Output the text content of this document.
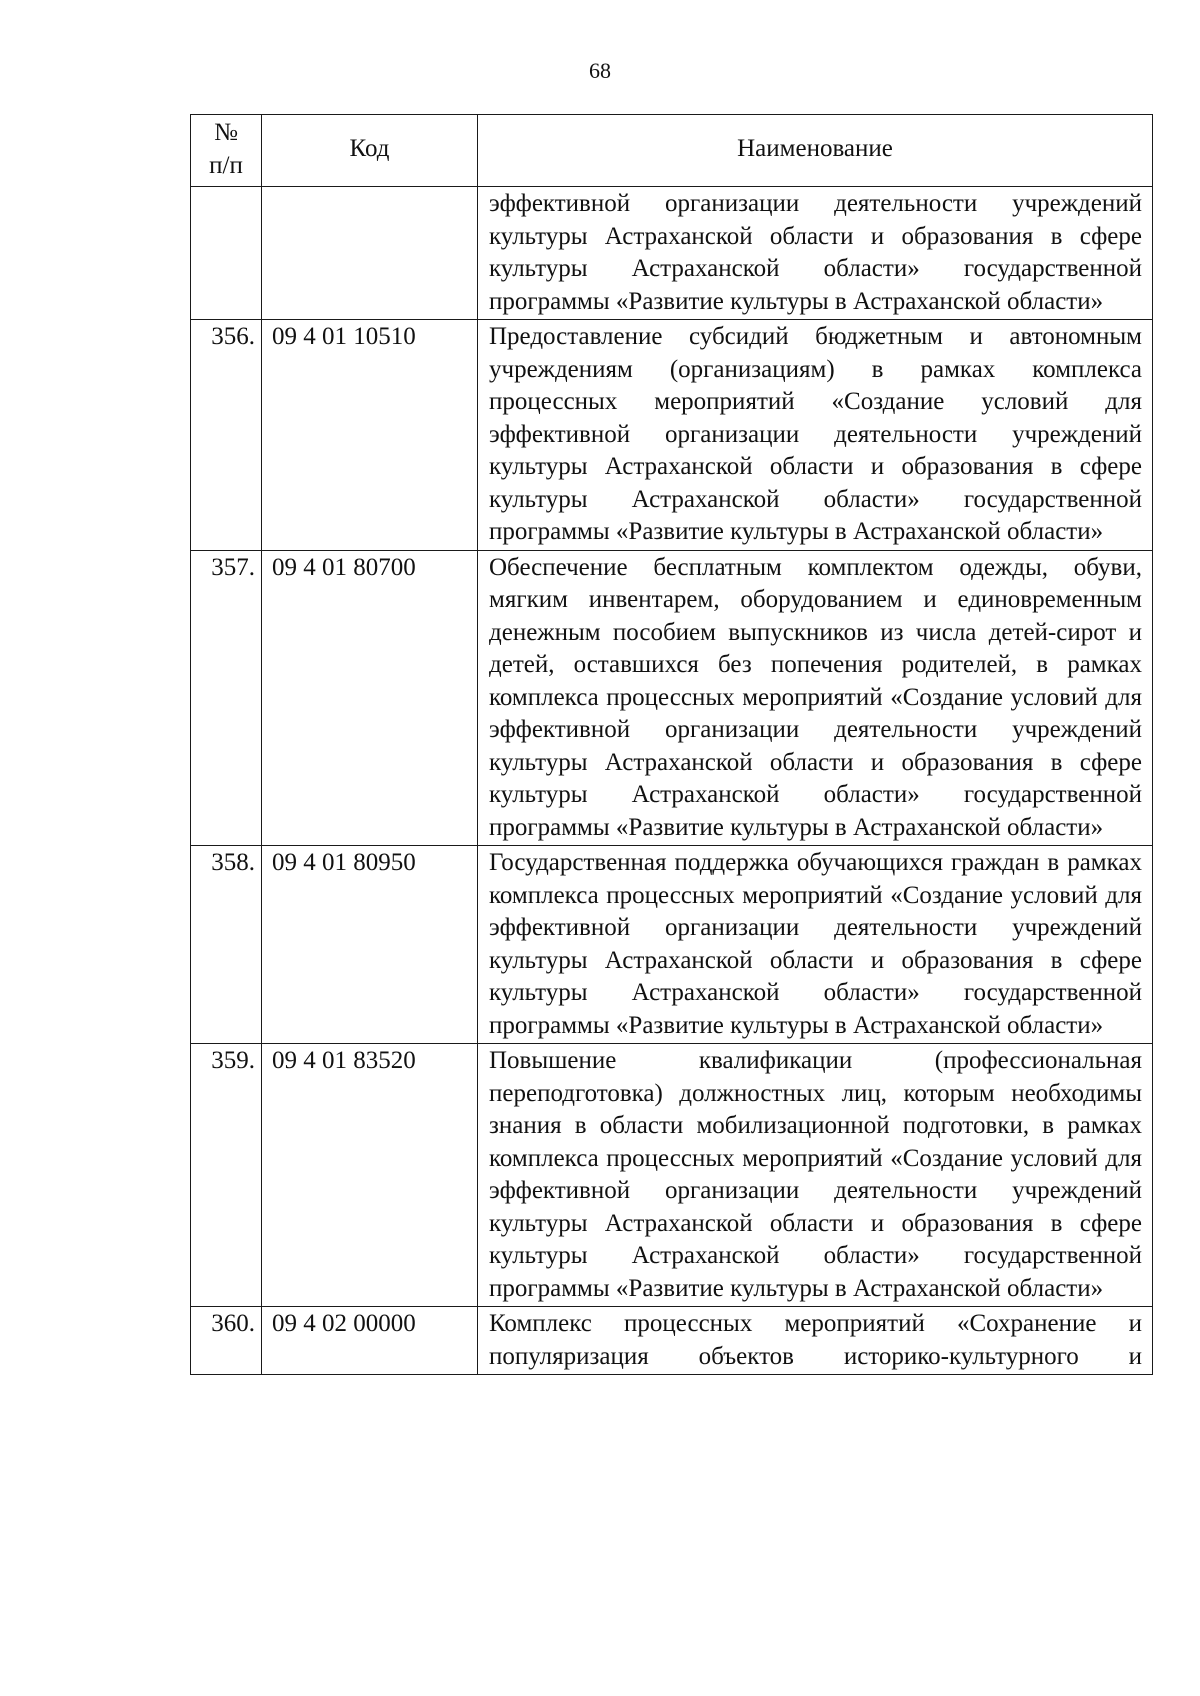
68
№
п/п	Код	Наименование
		эффективной организации деятельности учреждений культуры Астраханской области и образования в сфере культуры Астраханской области» государственной программы «Развитие культуры в Астраханской области»
356.	09 4 01 10510	Предоставление субсидий бюджетным и автономным учреждениям (организациям) в рамках комплекса процессных мероприятий «Создание условий для эффективной организации деятельности учреждений культуры Астраханской области и образования в сфере культуры Астраханской области» государственной программы «Развитие культуры в Астраханской области»
357.	09 4 01 80700	Обеспечение бесплатным комплектом одежды, обуви, мягким инвентарем, оборудованием и единовременным денежным пособием выпускников из числа детей-сирот и детей, оставшихся без попечения родителей, в рамках комплекса процессных мероприятий «Создание условий для эффективной организации деятельности учреждений культуры Астраханской области и образования в сфере культуры Астраханской области» государственной программы «Развитие культуры в Астраханской области»
358.	09 4 01 80950	Государственная поддержка обучающихся граждан в рамках комплекса процессных мероприятий «Создание условий для эффективной организации деятельности учреждений культуры Астраханской области и образования в сфере культуры Астраханской области» государственной программы «Развитие культуры в Астраханской области»
359.	09 4 01 83520	Повышение квалификации (профессиональная переподготовка) должностных лиц, которым необходимы знания в области мобилизационной подготовки, в рамках комплекса процессных мероприятий «Создание условий для эффективной организации деятельности учреждений культуры Астраханской области и образования в сфере культуры Астраханской области» государственной программы «Развитие культуры в Астраханской области»
360.	09 4 02 00000	Комплекс процессных мероприятий «Сохранение и популяризация объектов историко-культурного и
